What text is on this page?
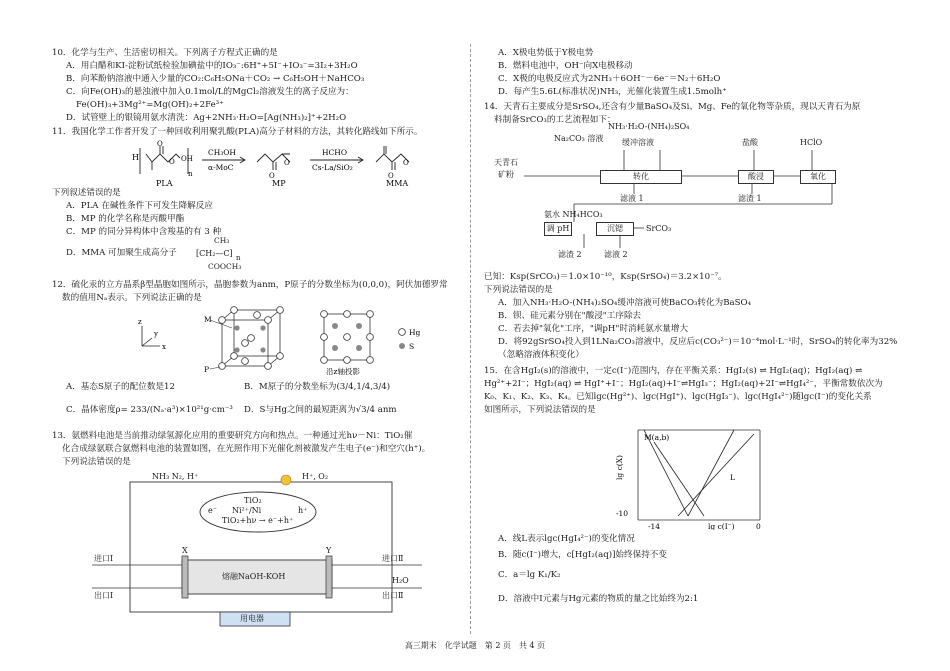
10．化学与生产、生活密切相关。下列离子方程式正确的是
A．用白醋和KI-淀粉试纸检验加碘盐中的IO₃⁻:6H⁺+5I⁻+IO₃⁻=3I₂+3H₂O
B．向苯酚钠溶液中通入少量的CO₂:C₆H₅ONa＋CO₂ → C₆H₅OH＋NaHCO₃
C．向Fe(OH)₃的悬浊液中加入0.1mol/L的MgCl₂溶液发生的离子反应为：
Fe(OH)₃+3Mg²⁺=Mg(OH)₂+2Fe³⁺
D．试管壁上的银镜用氨水清洗：Ag+2NH₃·H₂O=[Ag(NH₃)₂]⁺+2H₂O
11．我国化学工作者开发了一种回收利用聚乳酸(PLA)高分子材料的方法，其转化路线如下所示。
H	O
O
OH
n
PLA
CH₃OH
α-MoC	O
O
MP
HCHO
Cs-La/SiO₂	O
O
MMA
下列叙述错误的是
A．PLA 在碱性条件下可发生降解反应
B．MP 的化学名称是丙酸甲酯
C．MP 的同分异构体中含羧基的有 3 种
D．MMA 可加聚生成高分子
CH₃
[CH₂—C] n
COOCH₃
12．硫化汞的立方晶系β型晶胞如图所示，晶胞参数为anm，P原子的分数坐标为(0,0,0)，阿伏加德罗常
数的值用Nₐ表示。下列说法正确的是
z
y
x
M
P	沿z轴投影
Hg
S
A．基态S原子的配位数是12	B．M原子的分数坐标为(3/4,1/4,3/4)
C．晶体密度ρ= 233/(Nₐ·a³)×10²¹g·cm⁻³ D．S与Hg之间的最短距离为√3/4 anm
13．氨燃料电池是当前推动绿氢源化应用的重要研究方向和热点。一种通过光hν－Ni：TiO₂催
化合成绿氨联合氨燃料电池的装置如图，在光照作用下光催化剂被激发产生电子(e⁻)和空穴(h⁺)。
下列说法错误的是
NH₃ N₂, H⁺	H⁺, O₂
TiO₂
Ni²⁺/Ni
TiO₂+hν → e⁻+h⁺
e⁻	h⁺
进口Ⅰ
出口Ⅰ
进口Ⅱ
出口Ⅱ
H₂O
X	Y
熔融NaOH-KOH
用电器
A．X极电势低于Y极电势
B．燃料电池中，OH⁻向X电极移动
C．X极的电极反应式为2NH₃＋6OH⁻－6e⁻＝N₂＋6H₂O
D．每产生5.6L(标准状况)NH₃，光催化装置生成1.5molh⁺
14．天青石主要成分是SrSO₄,还含有少量BaSO₄及Si、Mg、Fe的氧化物等杂质，现以天青石为原
料制备SrCO₃的工艺流程如下：
Na₂CO₃ 溶液
NH₃·H₂O-(NH₄)₂SO₄
缓冲溶液	盐酸	HClO
天青石
矿粉	转化	酸浸	氧化
滤液 1	滤渣 1
氨水 NH₄HCO₃
调 pH	沉锶	SrCO₃
滤渣 2	滤液 2
已知：Ksp(SrCO₃)＝1.0×10⁻¹⁰，Ksp(SrSO₄)＝3.2×10⁻⁷。
下列说法错误的是
A．加入NH₃·H₂O-(NH₄)₂SO₄缓冲溶液可使BaCO₃转化为BaSO₄
B．钡、硅元素分别在"酸浸"工序除去
C．若去掉"氧化"工序，"调pH"时消耗氨水量增大
D．将92gSrSO₄投入到1LNa₂CO₃溶液中，反应后c(CO₃²⁻)＝10⁻⁴mol·L⁻¹时，SrSO₄的转化率为32%
（忽略溶液体积变化）
15．在含HgI₂(s)的溶液中，一定c(I⁻)范围内，存在平衡关系：HgI₂(s) ⇌ HgI₂(aq)；HgI₂(aq) ⇌
Hg²⁺+2I⁻；HgI₂(aq) ⇌ HgI⁺+I⁻；HgI₂(aq)+I⁻⇌HgI₃⁻；HgI₂(aq)+2I⁻⇌HgI₄²⁻，平衡常数依次为
K₀、K₁、K₂、K₃、K₄。已知lgc(Hg²⁺)、lgc(HgI⁺)、lgc(HgI₃⁻)、lgc(HgI₄²⁻)随lgc(I⁻)的变化关系
如图所示，下列说法错误的是
M(a,b)
L
-10
-14	0
lg c(I⁻)
lg c(X)
A．线L表示lgc(HgI₄²⁻)的变化情况
B．随c(I⁻)增大，c[HgI₂(aq)]始终保持不变
C．a＝lg K₁/K₂
D．溶液中I元素与Hg元素的物质的量之比始终为2:1
高三期末　化学试题　第 2 页　共 4 页
